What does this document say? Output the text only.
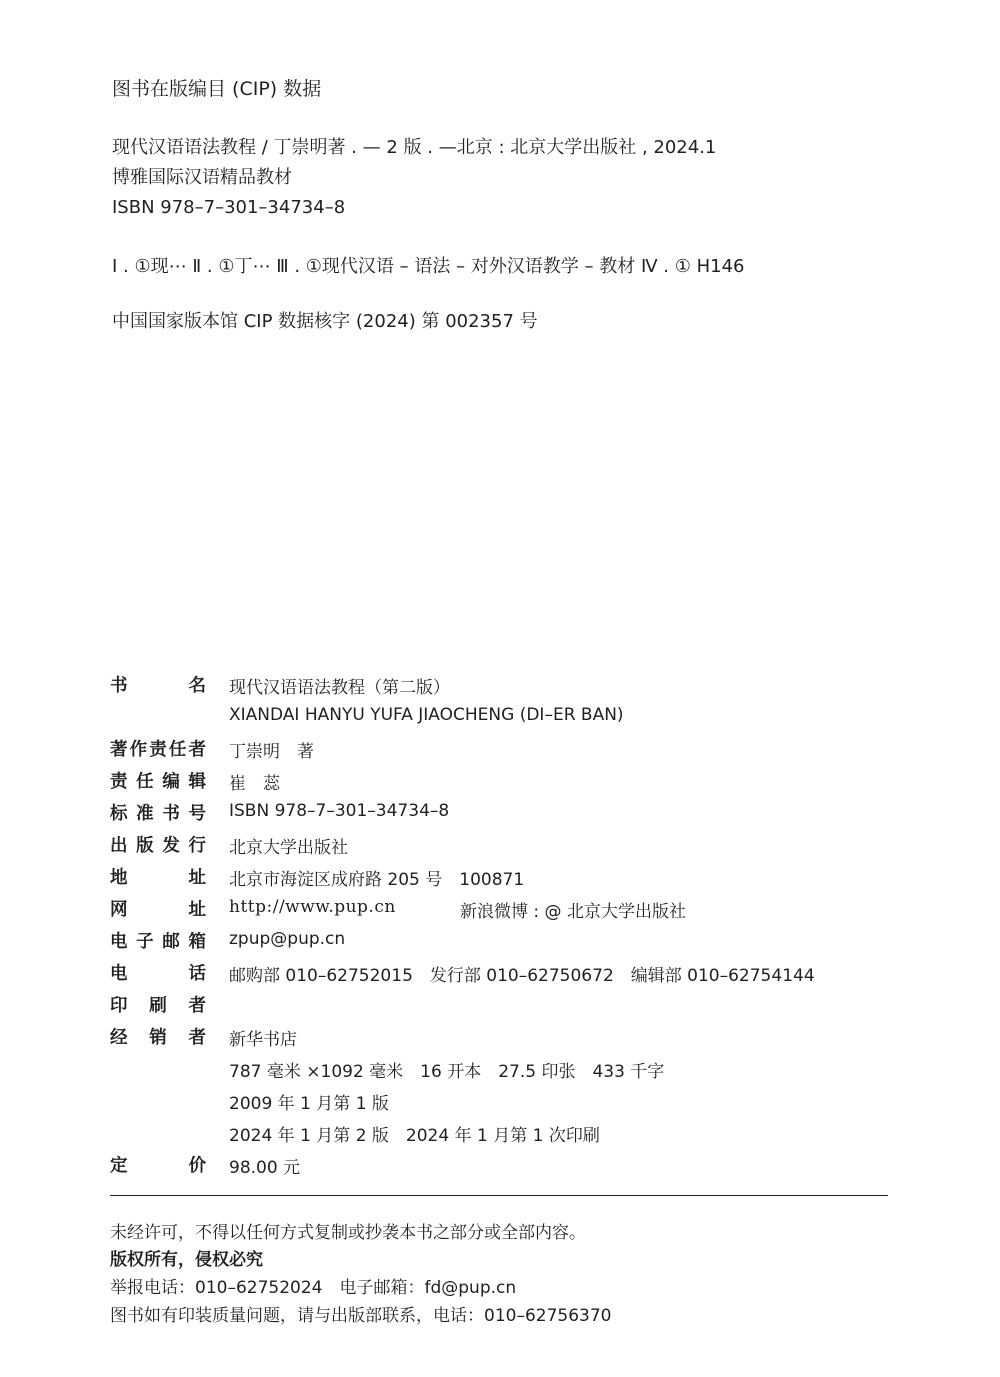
图书在版编目 (CIP) 数据
现代汉语语法教程 / 丁崇明著 . — 2 版 . —北京 : 北京大学出版社 , 2024.1
博雅国际汉语精品教材
ISBN 978–7–301–34734–8
Ⅰ . ①现⋯ Ⅱ . ①丁⋯ Ⅲ . ①现代汉语 – 语法 – 对外汉语教学 – 教材 Ⅳ . ① H146
中国国家版本馆 CIP 数据核字 (2024) 第 002357 号
书	名 现代汉语语法教程（第二版）
XIANDAI HANYU YUFA JIAOCHENG (DI–ER BAN)
著 作 责 任 者 丁崇明　著
责 任 编 辑 崔　蕊
标 准 书 号 ISBN 978–7–301–34734–8
出 版 发 行 北京大学出版社
地	址 北京市海淀区成府路 205 号　100871
网	址 http://www.pup.cn	新浪微博 : @ 北京大学出版社
电 子 邮 箱 zpup@pup.cn
电	话 邮购部 010–62752015　发行部 010–62750672　编辑部 010–62754144
印 刷 者
经 销 者 新华书店
787 毫米 ×1092 毫米　16 开本　27.5 印张　433 千字
2009 年 1 月第 1 版
2024 年 1 月第 2 版　2024 年 1 月第 1 次印刷
定	价 98.00 元
未经许可，不得以任何方式复制或抄袭本书之部分或全部内容。
版权所有，侵权必究
举报电话：010–62752024　电子邮箱：fd@pup.cn
图书如有印装质量问题，请与出版部联系，电话：010–62756370
